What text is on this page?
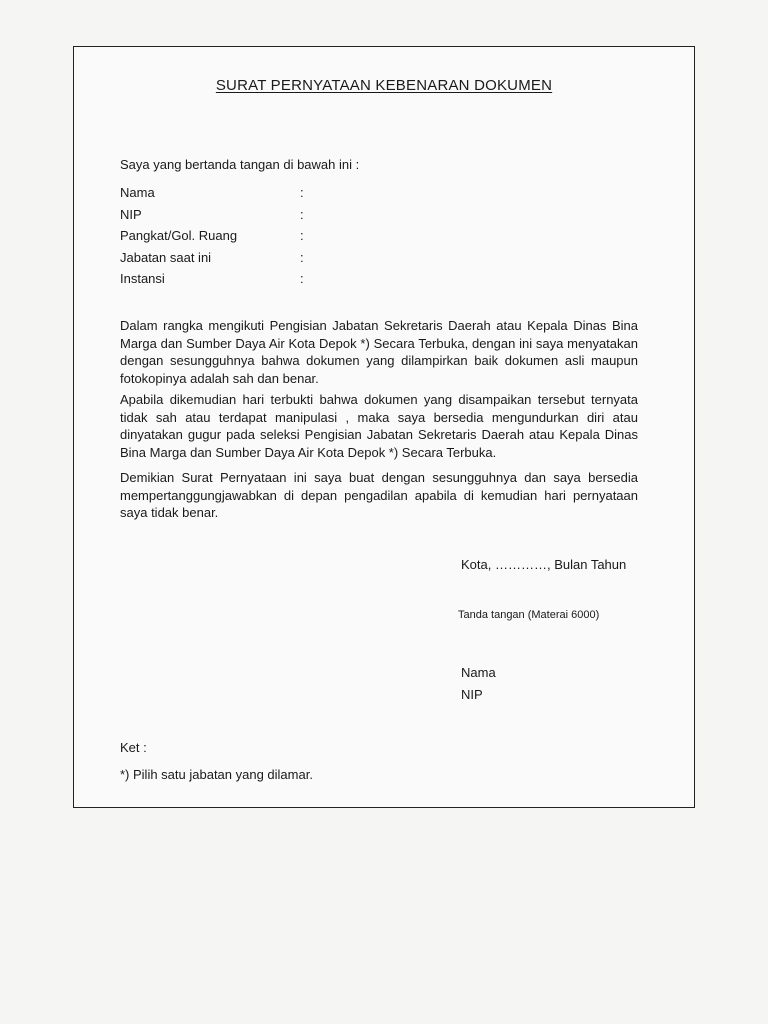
SURAT PERNYATAAN KEBENARAN DOKUMEN
Saya yang bertanda tangan di bawah ini :
Nama	:
NIP	:
Pangkat/Gol. Ruang	:
Jabatan saat ini	:
Instansi	:

Dalam rangka mengikuti Pengisian Jabatan Sekretaris Daerah atau Kepala Dinas Bina Marga dan Sumber Daya Air Kota Depok *) Secara Terbuka, dengan ini saya menyatakan dengan sesungguhnya bahwa dokumen yang dilampirkan baik dokumen asli maupun fotokopinya adalah sah dan benar.

Apabila dikemudian hari terbukti bahwa dokumen yang disampaikan tersebut ternyata tidak sah atau terdapat manipulasi , maka saya bersedia mengundurkan diri atau dinyatakan gugur pada seleksi Pengisian Jabatan Sekretaris Daerah atau Kepala Dinas Bina Marga dan Sumber Daya Air Kota Depok *) Secara Terbuka.

Demikian Surat Pernyataan ini saya buat dengan sesungguhnya dan saya bersedia mempertanggungjawabkan di depan pengadilan apabila di kemudian hari pernyataan saya tidak benar.

Kota, …………, Bulan Tahun
Tanda tangan (Materai 6000)
Nama
NIP
Ket :
*) Pilih satu jabatan yang dilamar.
